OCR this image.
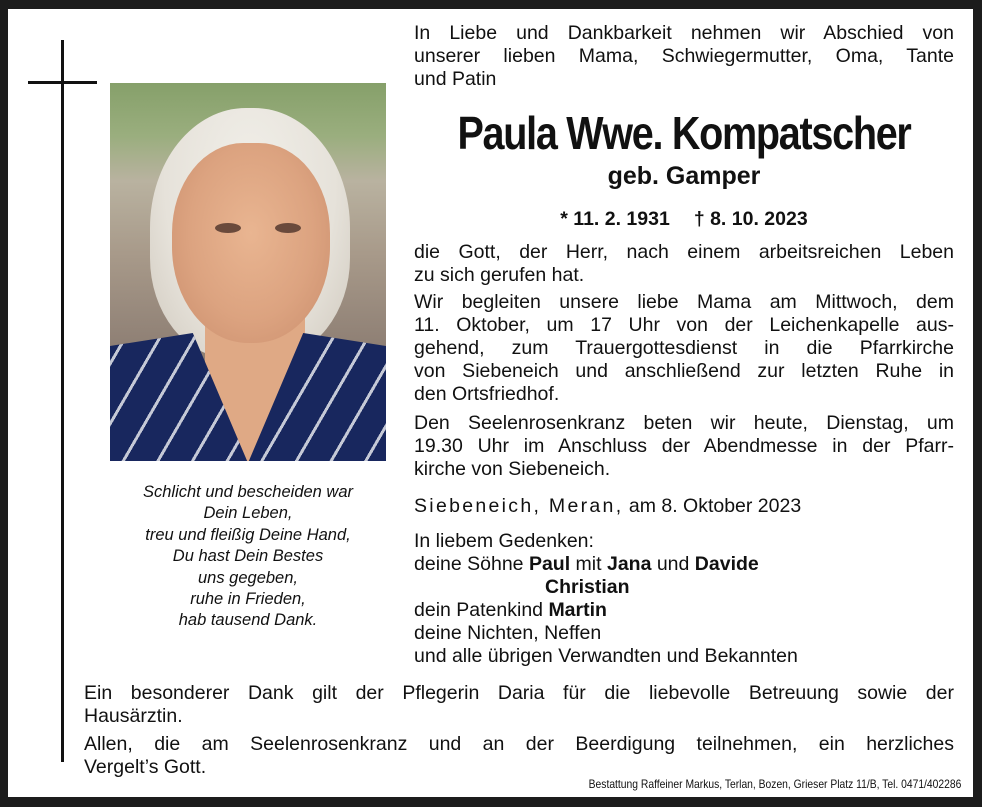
Schlicht und bescheiden war
Dein Leben,
treu und fleißig Deine Hand,
Du hast Dein Bestes
uns gegeben,
ruhe in Frieden,
hab tausend Dank.
In Liebe und Dankbarkeit nehmen wir Abschied von
unserer lieben Mama, Schwiegermutter, Oma, Tante
und Patin
Paula Wwe. Kompatscher
geb. Gamper
* 11. 2. 1931 † 8. 10. 2023
die Gott, der Herr, nach einem arbeitsreichen Leben
zu sich gerufen hat.
Wir begleiten unsere liebe Mama am Mittwoch, dem
11. Oktober, um 17 Uhr von der Leichenkapelle aus-
gehend, zum Trauergottesdienst in die Pfarrkirche
von Siebeneich und anschließend zur letzten Ruhe in
den Ortsfriedhof.
Den Seelenrosenkranz beten wir heute, Dienstag, um
19.30 Uhr im Anschluss der Abendmesse in der Pfarr-
kirche von Siebeneich.
Siebeneich, Meran, am 8. Oktober 2023
In liebem Gedenken:
deine Söhne Paul mit Jana und Davide
Christian
dein Patenkind Martin
deine Nichten, Neffen
und alle übrigen Verwandten und Bekannten
Ein besonderer Dank gilt der Pflegerin Daria für die liebevolle Betreuung sowie der
Hausärztin.
Allen, die am Seelenrosenkranz und an der Beerdigung teilnehmen, ein herzliches
Vergelt’s Gott.
Bestattung Raffeiner Markus, Terlan, Bozen, Grieser Platz 11/B, Tel. 0471/402286
